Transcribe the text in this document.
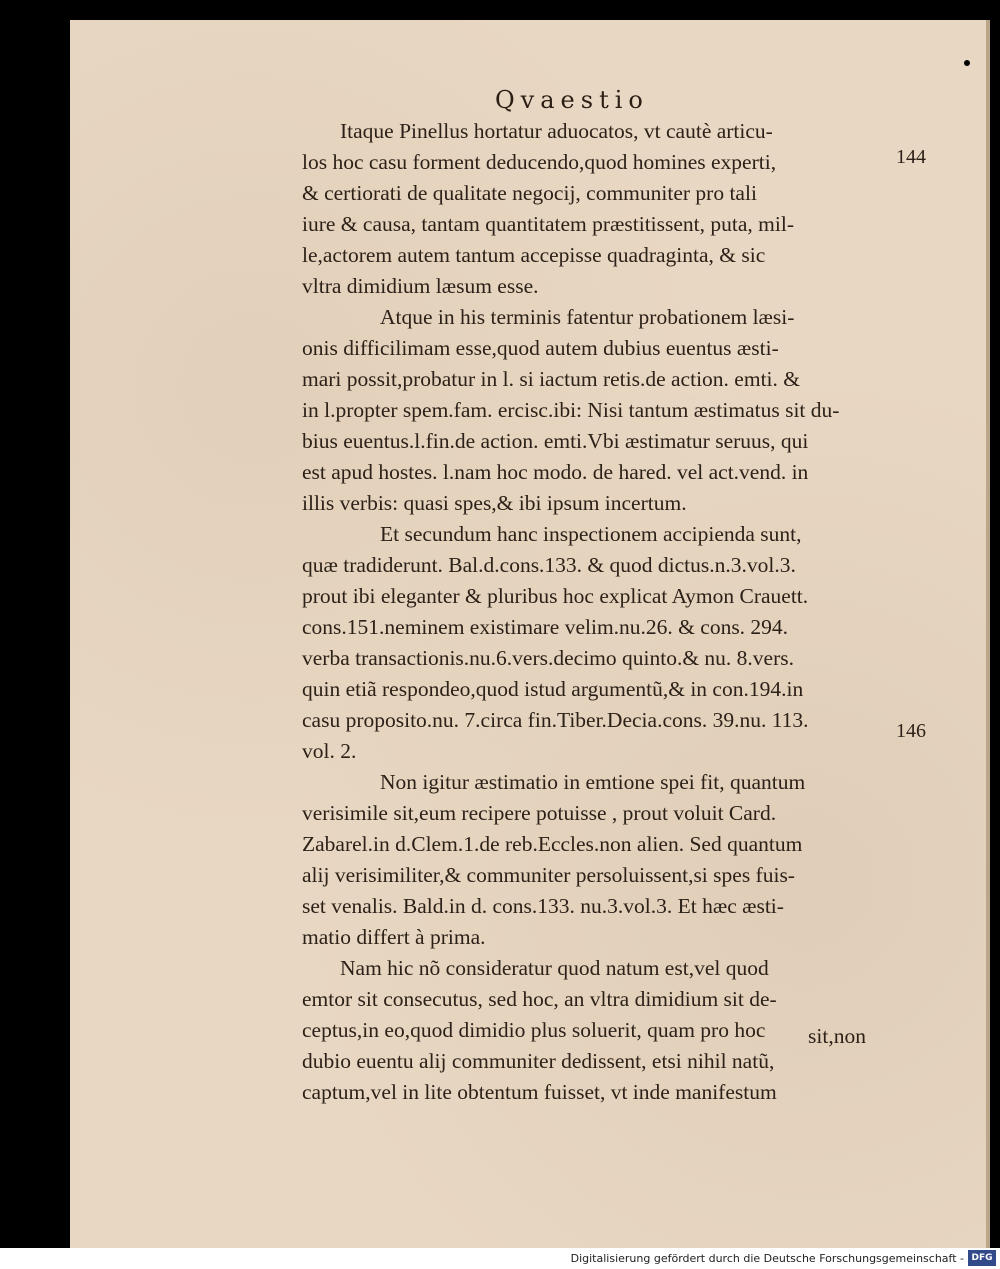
Qvaestio
144
146
Itaque Pinellus hortatur aduocatos, vt cautè articu-
los hoc casu forment deducendo,quod homines experti,
& certiorati de qualitate negocij, communiter pro tali
iure & causa, tantam quantitatem præstitissent, puta, mil-
le,actorem autem tantum accepisse quadraginta, & sic
vltra dimidium læsum esse.
Atque in his terminis fatentur probationem læsi-
onis difficilimam esse,quod autem dubius euentus æsti-
mari possit,probatur in l. si iactum retis.de action. emti. &
in l.propter spem.fam. ercisc.ibi: Nisi tantum æstimatus sit du-
bius euentus.l.fin.de action. emti.Vbi æstimatur seruus, qui
est apud hostes. l.nam hoc modo. de hared. vel act.vend. in
illis verbis: quasi spes,& ibi ipsum incertum.
Et secundum hanc inspectionem accipienda sunt,
quæ tradiderunt. Bal.d.cons.133. & quod dictus.n.3.vol.3.
prout ibi eleganter & pluribus hoc explicat Aymon Crauett.
cons.151.neminem existimare velim.nu.26. & cons. 294.
verba transactionis.nu.6.vers.decimo quinto.& nu. 8.vers.
quin etiã respondeo,quod istud argumentũ,& in con.194.in
casu proposito.nu. 7.circa fin.Tiber.Decia.cons. 39.nu. 113.
vol. 2.
Non igitur æstimatio in emtione spei fit, quantum
verisimile sit,eum recipere potuisse , prout voluit Card.
Zabarel.in d.Clem.1.de reb.Eccles.non alien. Sed quantum
alij verisimiliter,& communiter persoluissent,si spes fuis-
set venalis. Bald.in d. cons.133. nu.3.vol.3. Et hæc æsti-
matio differt à prima.
Nam hic nõ consideratur quod natum est,vel quod
emtor sit consecutus, sed hoc, an vltra dimidium sit de-
ceptus,in eo,quod dimidio plus soluerit, quam pro hoc
dubio euentu alij communiter dedissent, etsi nihil natũ,
captum,vel in lite obtentum fuisset, vt inde manifestum
sit,non
Digitalisierung gefördert durch die Deutsche Forschungsgemeinschaft - DFG
